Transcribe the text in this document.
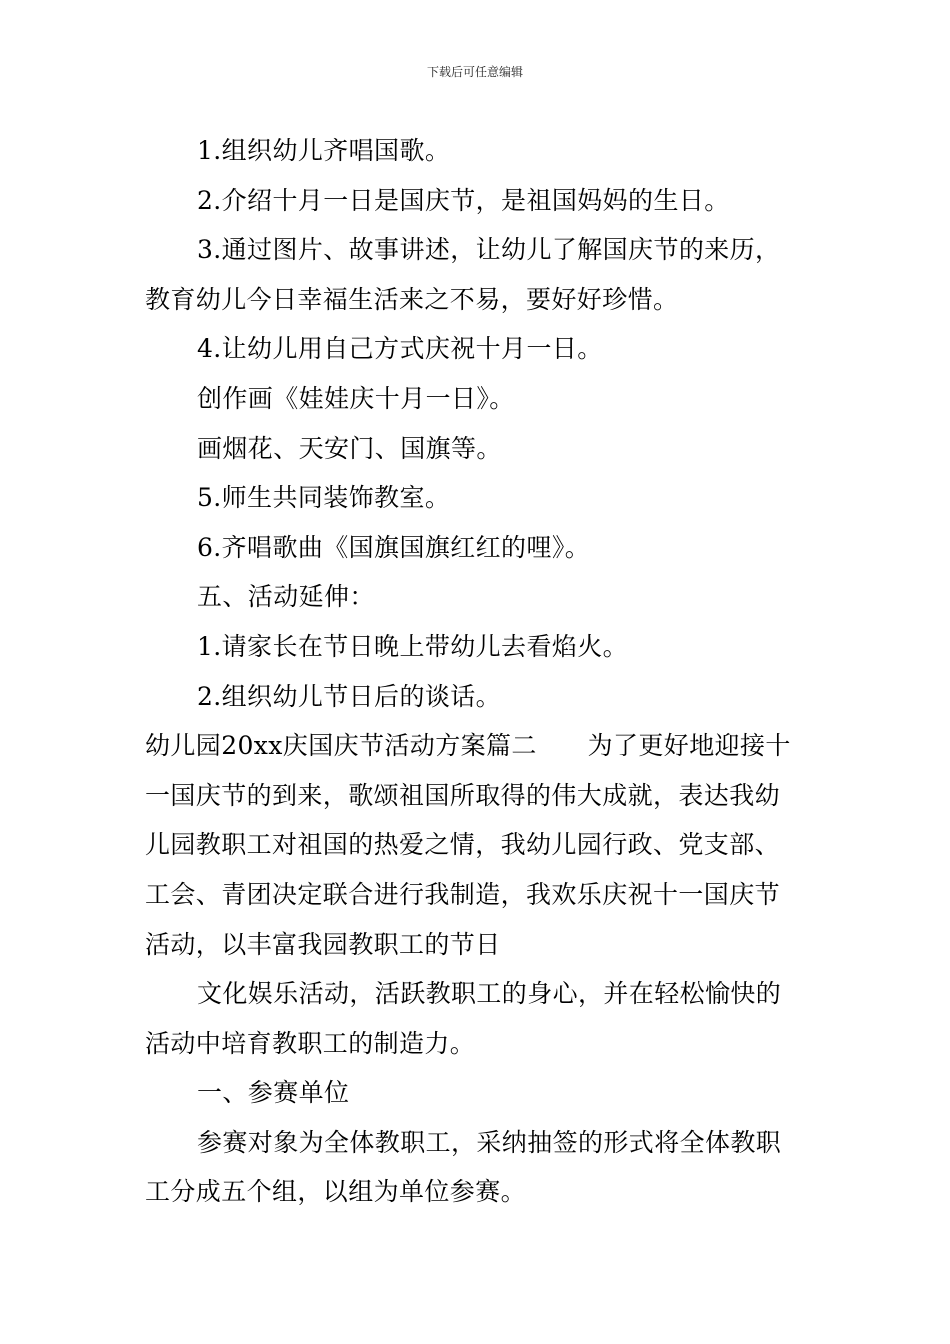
下载后可任意编辑

1.组织幼儿齐唱国歌。

2.介绍十月一日是国庆节，是祖国妈妈的生日。

3.通过图片、故事讲述，让幼儿了解国庆节的来历，

教育幼儿今日幸福生活来之不易，要好好珍惜。

4.让幼儿用自己方式庆祝十月一日。

创作画《娃娃庆十月一日》。

画烟花、天安门、国旗等。

5.师生共同装饰教室。

6.齐唱歌曲《国旗国旗红红的哩》。

五、活动延伸：

1.请家长在节日晚上带幼儿去看焰火。

2.组织幼儿节日后的谈话。

幼儿园20xx庆国庆节活动方案篇二　　为了更好地迎接十

一国庆节的到来，歌颂祖国所取得的伟大成就，表达我幼

儿园教职工对祖国的热爱之情，我幼儿园行政、党支部、

工会、青团决定联合进行我制造，我欢乐庆祝十一国庆节

活动，以丰富我园教职工的节日

文化娱乐活动，活跃教职工的身心，并在轻松愉快的

活动中培育教职工的制造力。

一、参赛单位

参赛对象为全体教职工，采纳抽签的形式将全体教职

工分成五个组，以组为单位参赛。
